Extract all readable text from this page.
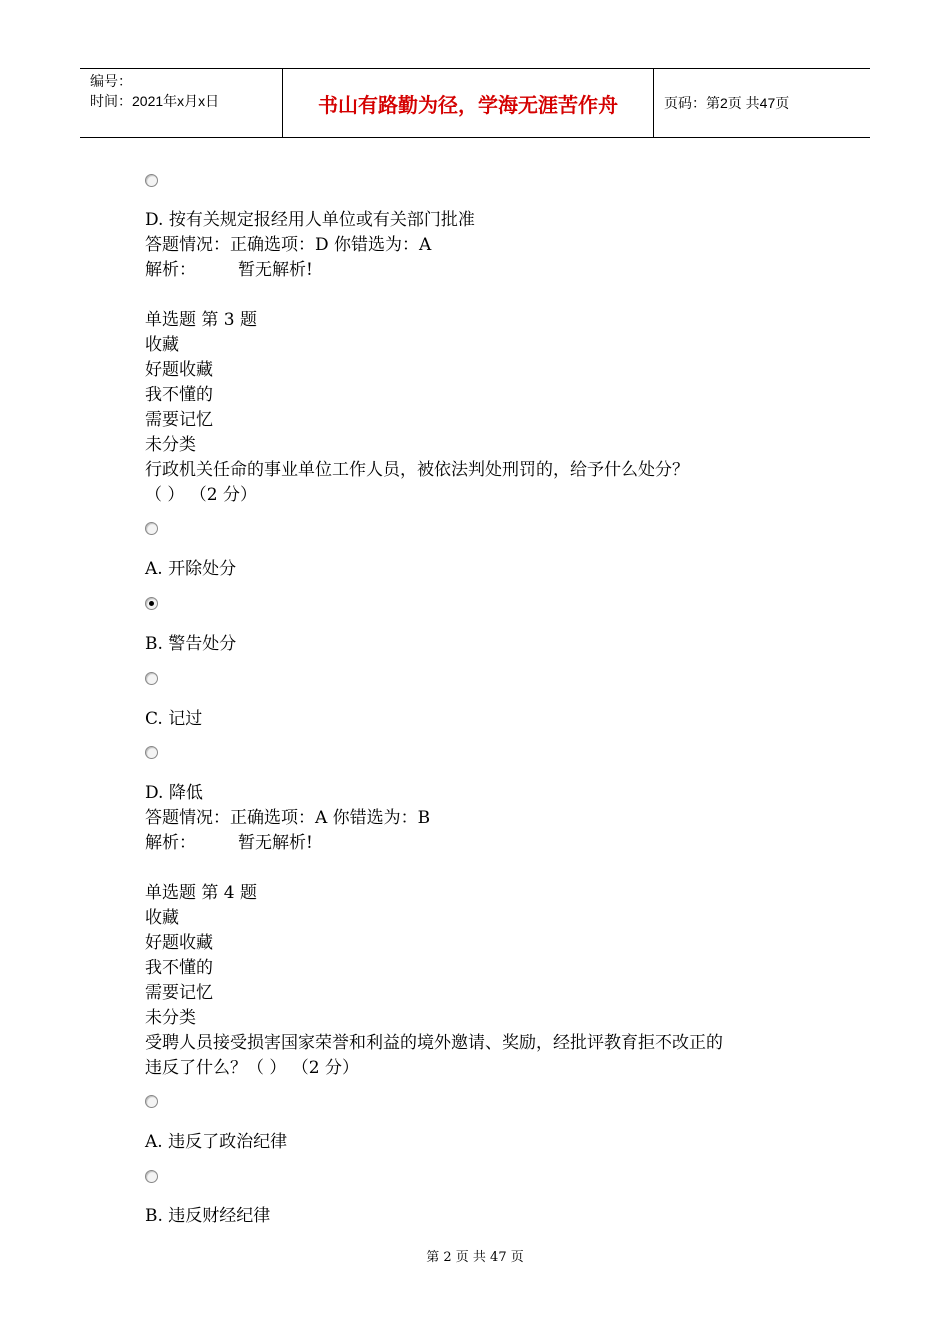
编号：
时间：2021年x月x日	书山有路勤为径，学海无涯苦作舟	页码：第2页 共47页
D. 按有关规定报经用人单位或有关部门批准
答题情况：正确选项：D 你错选为：A
解析： 暂无解析!
单选题 第 3 题
收藏
好题收藏
我不懂的
需要记忆
未分类
行政机关任命的事业单位工作人员，被依法判处刑罚的，给予什么处分？
（ ） （2 分）
A. 开除处分
B. 警告处分
C. 记过
D. 降低
答题情况：正确选项：A 你错选为：B
解析： 暂无解析!
单选题 第 4 题
收藏
好题收藏
我不懂的
需要记忆
未分类
受聘人员接受损害国家荣誉和利益的境外邀请、奖励，经批评教育拒不改正的
违反了什么？（ ） （2 分）
A. 违反了政治纪律
B. 违反财经纪律
第 2 页 共 47 页
